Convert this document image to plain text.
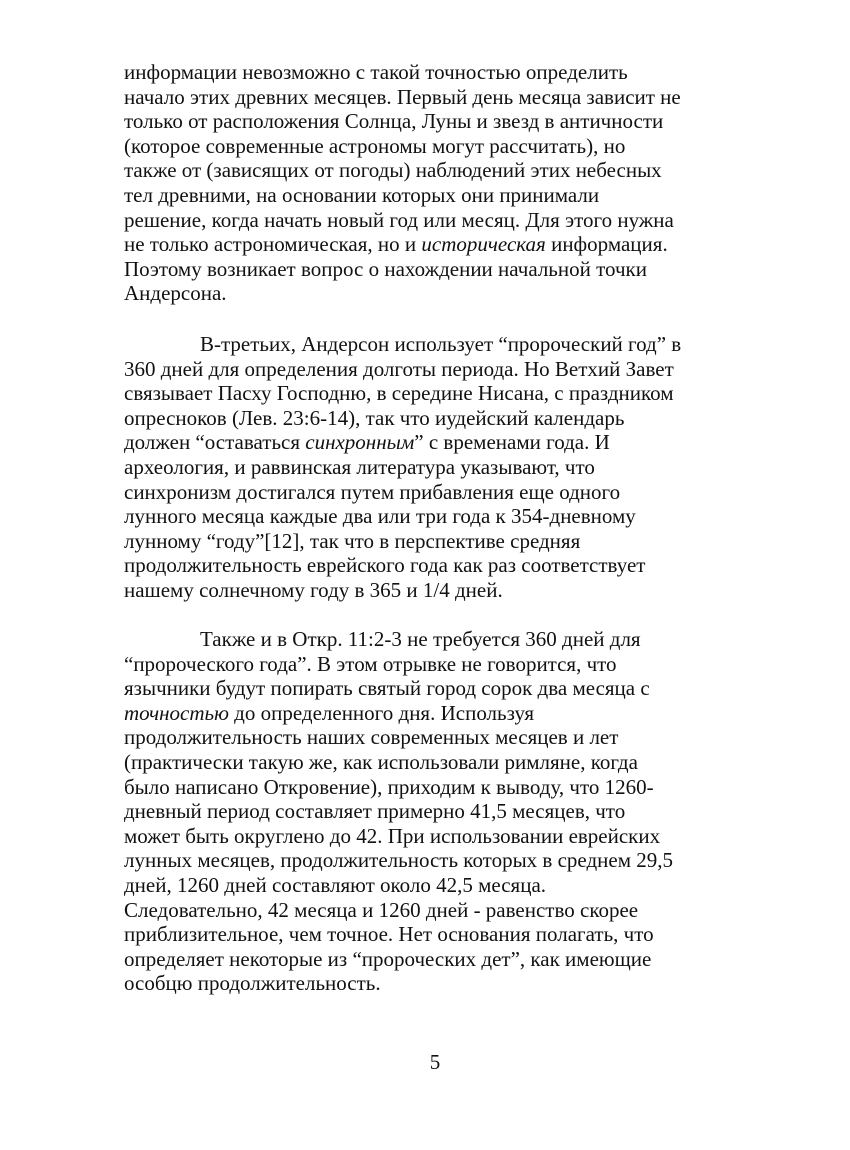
информации невозможно с такой точностью определить
начало этих древних месяцев. Первый день месяца зависит не
только от расположения Солнца, Луны и звезд в античности
(которое современные астрономы могут рассчитать), но
также от (зависящих от погоды) наблюдений этих небесных
тел древними, на основании которых они принимали
решение, когда начать новый год или месяц. Для этого нужна
не только астрономическая, но и историческая информация.
Поэтому возникает вопрос о нахождении начальной точки
Андерсона.
В-третьих, Андерсон использует “пророческий год” в
360 дней для определения долготы периода. Но Ветхий Завет
связывает Пасху Господню, в середине Нисана, с праздником
опресноков (Лев. 23:6-14), так что иудейский календарь
должен “оставаться синхронным” с временами года. И
археология, и раввинская литература указывают, что
синхронизм достигался путем прибавления еще одного
лунного месяца каждые два или три года к 354-дневному
лунному “году”[12], так что в перспективе средняя
продолжительность еврейского года как раз соответствует
нашему солнечному году в 365 и 1/4 дней.
Также и в Откр. 11:2-3 не требуется 360 дней для
“пророческого года”. В этом отрывке не говорится, что
язычники будут попирать святый город сорок два месяца с
точностью до определенного дня. Используя
продолжительность наших современных месяцев и лет
(практически такую же, как использовали римляне, когда
было написано Откровение), приходим к выводу, что 1260-
дневный период составляет примерно 41,5 месяцев, что
может быть округлено до 42. При использовании еврейских
лунных месяцев, продолжительность которых в среднем 29,5
дней, 1260 дней составляют около 42,5 месяца.
Следовательно, 42 месяца и 1260 дней - равенство скорее
приблизительное, чем точное. Нет основания полагать, что
определяет некоторые из “пророческих дет”, как имеющие
особцю продолжительность.
5
